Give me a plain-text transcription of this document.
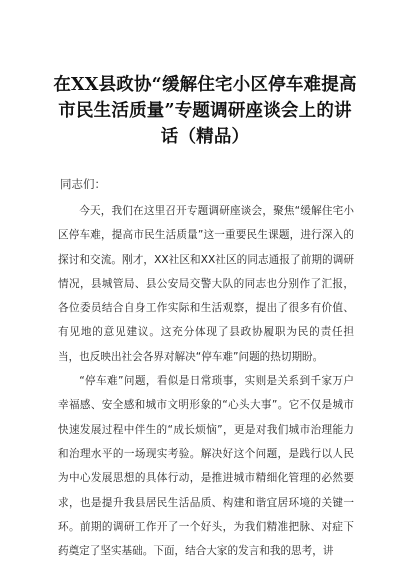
在XX县政协“缓解住宅小区停车难提高市民生活质量”专题调研座谈会上的讲话（精品）

同志们：

今天，我们在这里召开专题调研座谈会，聚焦“缓解住宅小区停车难，提高市民生活质量”这一重要民生课题，进行深入的探讨和交流。刚才，XX社区和XX社区的同志通报了前期的调研情况，县城管局、县公安局交警大队的同志也分别作了汇报，各位委员结合自身工作实际和生活观察，提出了很多有价值、有见地的意见建议。这充分体现了县政协履职为民的责任担当，也反映出社会各界对解决“停车难”问题的热切期盼。

“停车难”问题，看似是日常琐事，实则是关系到千家万户幸福感、安全感和城市文明形象的“心头大事”。它不仅是城市快速发展过程中伴生的“成长烦恼”，更是对我们城市治理能力和治理水平的一场现实考验。解决好这个问题，是践行以人民为中心发展思想的具体行动，是推进城市精细化管理的必然要求，也是提升我县居民生活品质、构建和谐宜居环境的关键一环。前期的调研工作开了一个好头，为我们精准把脉、对症下药奠定了坚实基础。下面，结合大家的发言和我的思考，讲
